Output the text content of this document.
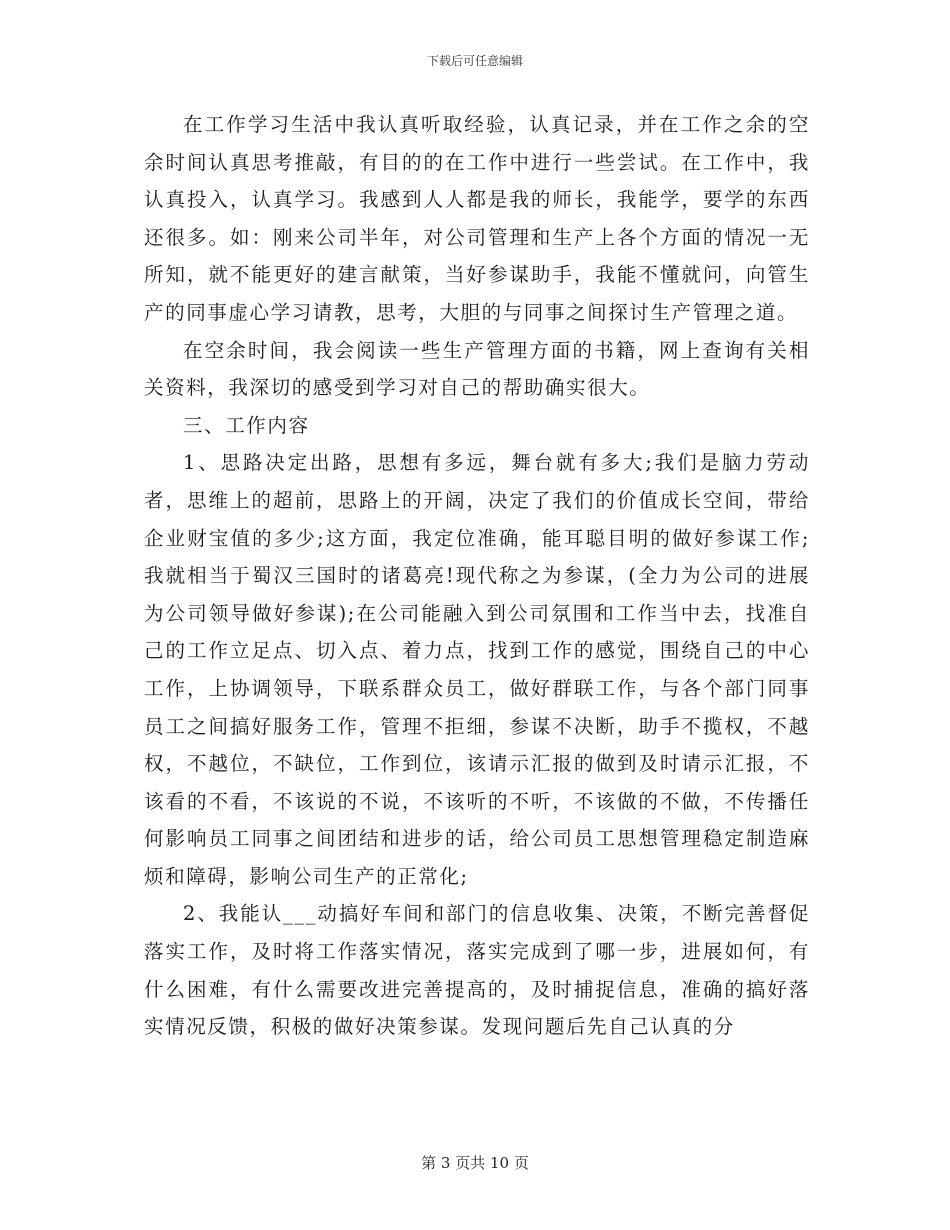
下载后可任意编辑

在工作学习生活中我认真听取经验，认真记录，并在工作之余的空余时间认真思考推敲，有目的的在工作中进行一些尝试。在工作中，我认真投入，认真学习。我感到人人都是我的师长，我能学，要学的东西还很多。如：刚来公司半年，对公司管理和生产上各个方面的情况一无所知，就不能更好的建言献策，当好参谋助手，我能不懂就问，向管生产的同事虚心学习请教，思考，大胆的与同事之间探讨生产管理之道。

在空余时间，我会阅读一些生产管理方面的书籍，网上查询有关相关资料，我深切的感受到学习对自己的帮助确实很大。

三、工作内容

1、思路决定出路，思想有多远，舞台就有多大;我们是脑力劳动者，思维上的超前，思路上的开阔，决定了我们的价值成长空间，带给企业财宝值的多少;这方面，我定位准确，能耳聪目明的做好参谋工作;我就相当于蜀汉三国时的诸葛亮!现代称之为参谋，(全力为公司的进展为公司领导做好参谋);在公司能融入到公司氛围和工作当中去，找准自己的工作立足点、切入点、着力点，找到工作的感觉，围绕自己的中心工作，上协调领导，下联系群众员工，做好群联工作，与各个部门同事员工之间搞好服务工作，管理不拒细，参谋不决断，助手不揽权，不越权，不越位，不缺位，工作到位，该请示汇报的做到及时请示汇报，不该看的不看，不该说的不说，不该听的不听，不该做的不做，不传播任何影响员工同事之间团结和进步的话，给公司员工思想管理稳定制造麻烦和障碍，影响公司生产的正常化;

2、我能认___动搞好车间和部门的信息收集、决策，不断完善督促落实工作，及时将工作落实情况，落实完成到了哪一步，进展如何，有什么困难，有什么需要改进完善提高的，及时捕捉信息，准确的搞好落实情况反馈，积极的做好决策参谋。发现问题后先自己认真的分

第 3 页共 10 页
